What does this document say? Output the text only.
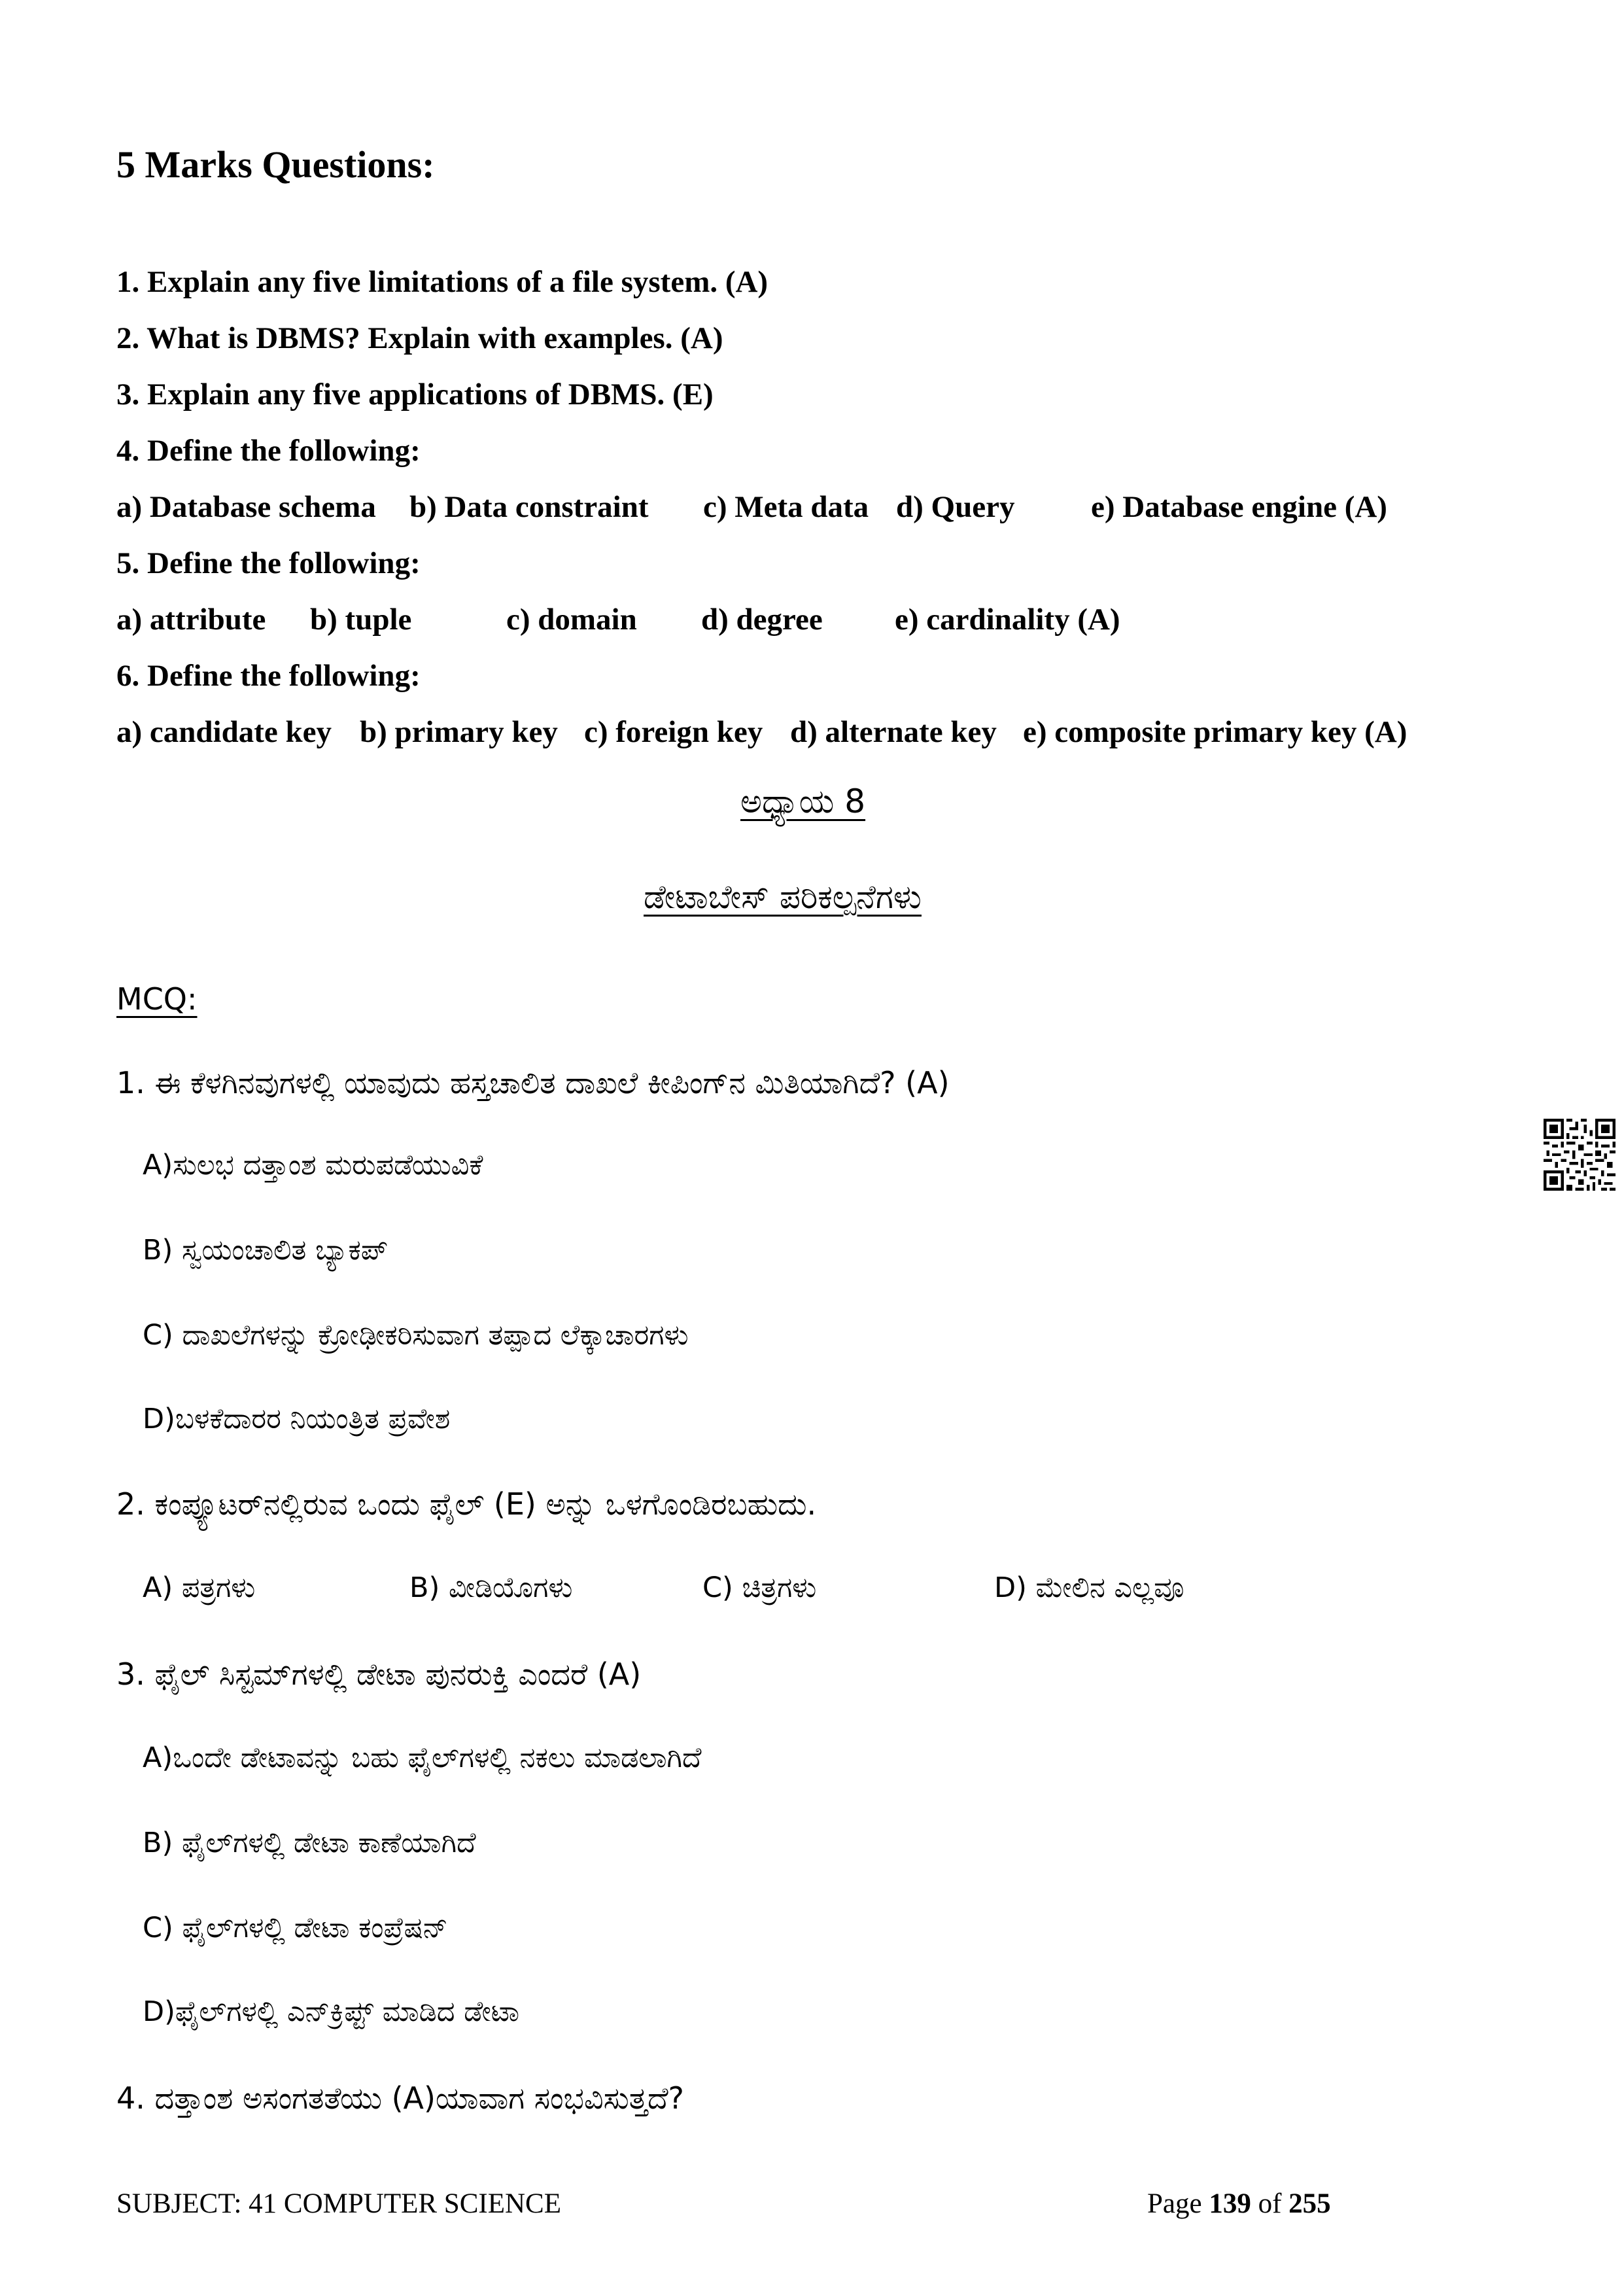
5 Marks Questions:
1. Explain any five limitations of a file system. (A)
2. What is DBMS? Explain with examples. (A)
3. Explain any five applications of DBMS. (E)
4. Define the following:
a) Database schema b) Data constraint c) Meta data d) Query e) Database engine (A)
5. Define the following:
a) attribute b) tuple	c) domain d) degree e) cardinality (A)
6. Define the following:
a) candidate key b) primary key c) foreign key d) alternate key e) composite primary key (A)
ಅಧ್ಯಾಯ 8
ಡೇಟಾಬೇಸ್ ಪರಿಕಲ್ಪನೆಗಳು
MCQ:
1. ಈ ಕೆಳಗಿನವುಗಳಲ್ಲಿ ಯಾವುದು ಹಸ್ತಚಾಲಿತ ದಾಖಲೆ ಕೀಪಿಂಗ್‌ನ ಮಿತಿಯಾಗಿದೆ? (A)
A)ಸುಲಭ ದತ್ತಾಂಶ ಮರುಪಡೆಯುವಿಕೆ
B) ಸ್ವಯಂಚಾಲಿತ ಬ್ಯಾಕಪ್
C) ದಾಖಲೆಗಳನ್ನು ಕ್ರೋಢೀಕರಿಸುವಾಗ ತಪ್ಪಾದ ಲೆಕ್ಕಾಚಾರಗಳು
D)ಬಳಕೆದಾರರ ನಿಯಂತ್ರಿತ ಪ್ರವೇಶ
2. ಕಂಪ್ಯೂಟರ್‌ನಲ್ಲಿರುವ ಒಂದು ಫೈಲ್ (E) ಅನ್ನು ಒಳಗೊಂಡಿರಬಹುದು.
A) ಪತ್ರಗಳು	B) ವೀಡಿಯೊಗಳು	C) ಚಿತ್ರಗಳು	D) ಮೇಲಿನ ಎಲ್ಲವೂ
3. ಫೈಲ್ ಸಿಸ್ಟಮ್‌ಗಳಲ್ಲಿ ಡೇಟಾ ಪುನರುಕ್ತಿ ಎಂದರೆ (A)
A)ಒಂದೇ ಡೇಟಾವನ್ನು ಬಹು ಫೈಲ್‌ಗಳಲ್ಲಿ ನಕಲು ಮಾಡಲಾಗಿದೆ
B) ಫೈಲ್‌ಗಳಲ್ಲಿ ಡೇಟಾ ಕಾಣೆಯಾಗಿದೆ
C) ಫೈಲ್‌ಗಳಲ್ಲಿ ಡೇಟಾ ಕಂಪ್ರೆಷನ್
D)ಫೈಲ್‌ಗಳಲ್ಲಿ ಎನ್‌ಕ್ರಿಪ್ಟ್ ಮಾಡಿದ ಡೇಟಾ
4. ದತ್ತಾಂಶ ಅಸಂಗತತೆಯು (A)ಯಾವಾಗ ಸಂಭವಿಸುತ್ತದೆ?
SUBJECT: 41 COMPUTER SCIENCE	Page 139 of 255
